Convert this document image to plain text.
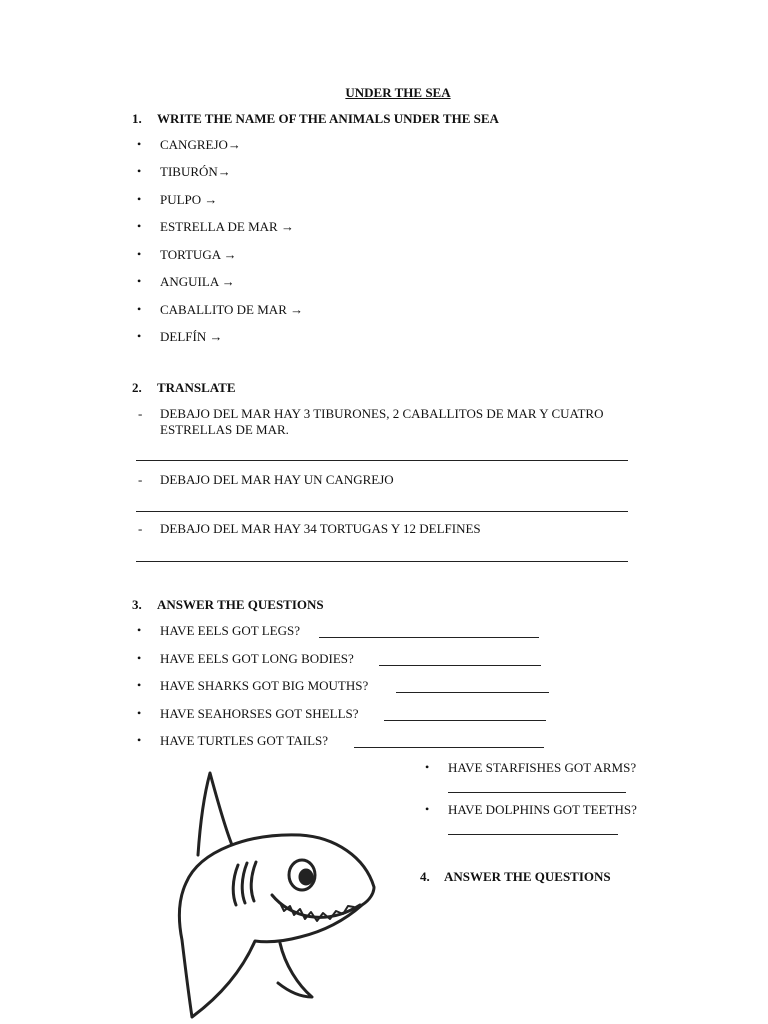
UNDER THE SEA
1. WRITE THE NAME OF THE ANIMALS UNDER THE SEA
• CANGREJO→
• TIBURÓN→
• PULPO →
• ESTRELLA DE MAR →
• TORTUGA →
• ANGUILA →
• CABALLITO DE MAR →
• DELFÍN →
2. TRANSLATE
- DEBAJO DEL MAR HAY 3 TIBURONES, 2 CABALLITOS DE MAR Y CUATRO
ESTRELLAS DE MAR.
- DEBAJO DEL MAR HAY UN CANGREJO
- DEBAJO DEL MAR HAY 34 TORTUGAS Y 12 DELFINES
3. ANSWER THE QUESTIONS
• HAVE EELS GOT LEGS?
• HAVE EELS GOT LONG BODIES?
• HAVE SHARKS GOT BIG MOUTHS?
• HAVE SEAHORSES GOT SHELLS?
• HAVE TURTLES GOT TAILS?
• HAVE STARFISHES GOT ARMS?
• HAVE DOLPHINS GOT TEETHS?
4. ANSWER THE QUESTIONS
